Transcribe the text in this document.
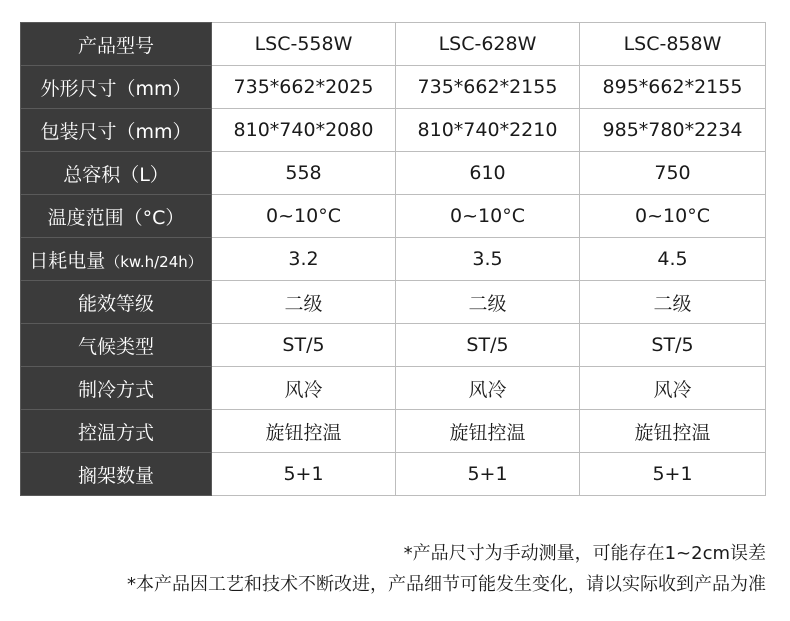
产品型号	LSC-558W	LSC-628W	LSC-858W
外形尺寸（mm）	735*662*2025	735*662*2155	895*662*2155
包装尺寸（mm）	810*740*2080	810*740*2210	985*780*2234
总容积（L）	558	610	750
温度范围（°C）	0~10°C	0~10°C	0~10°C
日耗电量（kw.h/24h）	3.2	3.5	4.5
能效等级	二级	二级	二级
气候类型	ST/5	ST/5	ST/5
制冷方式	风冷	风冷	风冷
控温方式	旋钮控温	旋钮控温	旋钮控温
搁架数量	5+1	5+1	5+1
*产品尺寸为手动测量，可能存在1~2cm误差
*本产品因工艺和技术不断改进，产品细节可能发生变化，请以实际收到产品为准
